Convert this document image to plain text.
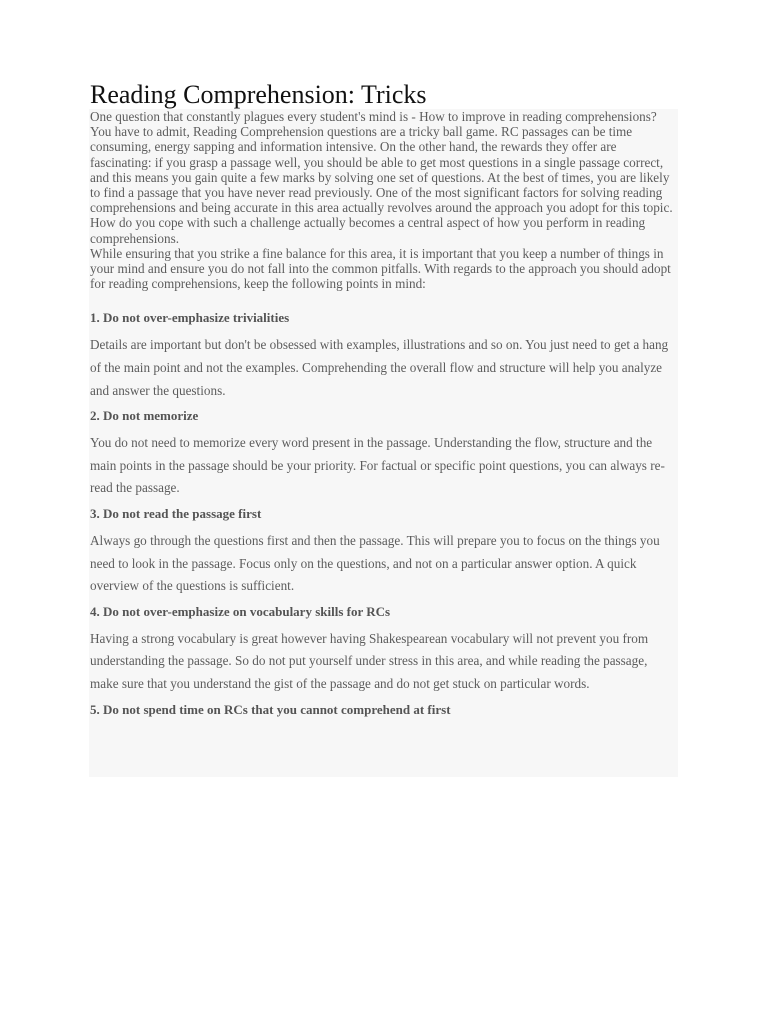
Reading Comprehension: Tricks

One question that constantly plagues every student's mind is - How to improve in reading comprehensions? You have to admit, Reading Comprehension questions are a tricky ball game. RC passages can be time consuming, energy sapping and information intensive. On the other hand, the rewards they offer are fascinating: if you grasp a passage well, you should be able to get most questions in a single passage correct, and this means you gain quite a few marks by solving one set of questions. At the best of times, you are likely to find a passage that you have never read previously. One of the most significant factors for solving reading comprehensions and being accurate in this area actually revolves around the approach you adopt for this topic. How do you cope with such a challenge actually becomes a central aspect of how you perform in reading comprehensions.

While ensuring that you strike a fine balance for this area, it is important that you keep a number of things in your mind and ensure you do not fall into the common pitfalls. With regards to the approach you should adopt for reading comprehensions, keep the following points in mind:

1. Do not over-emphasize trivialities

Details are important but don't be obsessed with examples, illustrations and so on. You just need to get a hang of the main point and not the examples. Comprehending the overall flow and structure will help you analyze and answer the questions.

2. Do not memorize

You do not need to memorize every word present in the passage. Understanding the flow, structure and the main points in the passage should be your priority. For factual or specific point questions, you can always re-read the passage.

3. Do not read the passage first

Always go through the questions first and then the passage. This will prepare you to focus on the things you need to look in the passage. Focus only on the questions, and not on a particular answer option. A quick overview of the questions is sufficient.

4. Do not over-emphasize on vocabulary skills for RCs

Having a strong vocabulary is great however having Shakespearean vocabulary will not prevent you from understanding the passage. So do not put yourself under stress in this area, and while reading the passage, make sure that you understand the gist of the passage and do not get stuck on particular words.

5. Do not spend time on RCs that you cannot comprehend at first
